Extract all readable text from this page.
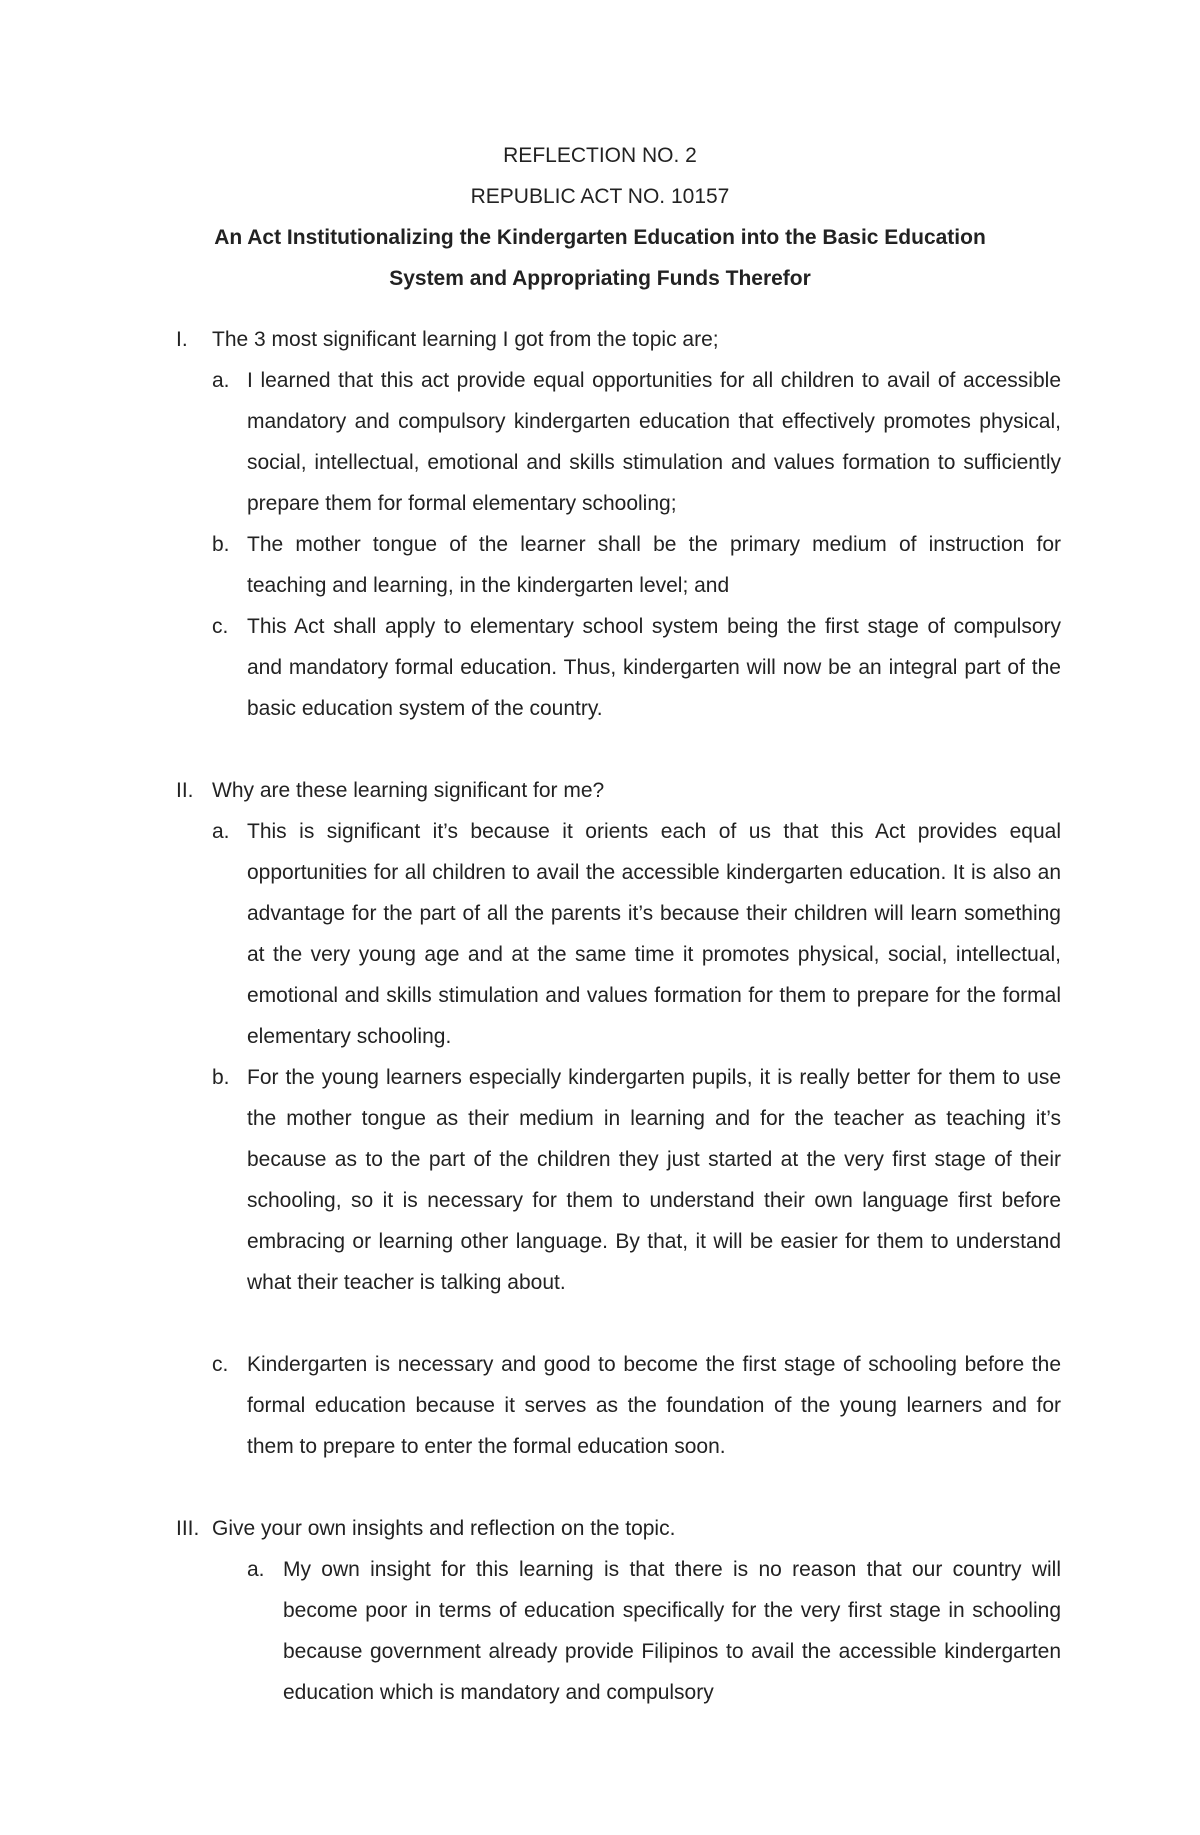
REFLECTION NO. 2
REPUBLIC ACT NO. 10157
An Act Institutionalizing the Kindergarten Education into the Basic Education
System and Appropriating Funds Therefor
I. The 3 most significant learning I got from the topic are;
a. I learned that this act provide equal opportunities for all children to avail of accessible mandatory and compulsory kindergarten education that effectively promotes physical, social, intellectual, emotional and skills stimulation and values formation to sufficiently prepare them for formal elementary schooling;
b. The mother tongue of the learner shall be the primary medium of instruction for teaching and learning, in the kindergarten level; and
c. This Act shall apply to elementary school system being the first stage of compulsory and mandatory formal education. Thus, kindergarten will now be an integral part of the basic education system of the country.
II. Why are these learning significant for me?
a. This is significant it’s because it orients each of us that this Act provides equal opportunities for all children to avail the accessible kindergarten education. It is also an advantage for the part of all the parents it’s because their children will learn something at the very young age and at the same time it promotes physical, social, intellectual, emotional and skills stimulation and values formation for them to prepare for the formal elementary schooling.
b. For the young learners especially kindergarten pupils, it is really better for them to use the mother tongue as their medium in learning and for the teacher as teaching it’s because as to the part of the children they just started at the very first stage of their schooling, so it is necessary for them to understand their own language first before embracing or learning other language. By that, it will be easier for them to understand what their teacher is talking about.
c. Kindergarten is necessary and good to become the first stage of schooling before the formal education because it serves as the foundation of the young learners and for them to prepare to enter the formal education soon.
III. Give your own insights and reflection on the topic.
a. My own insight for this learning is that there is no reason that our country will become poor in terms of education specifically for the very first stage in schooling because government already provide Filipinos to avail the accessible kindergarten education which is mandatory and compulsory
